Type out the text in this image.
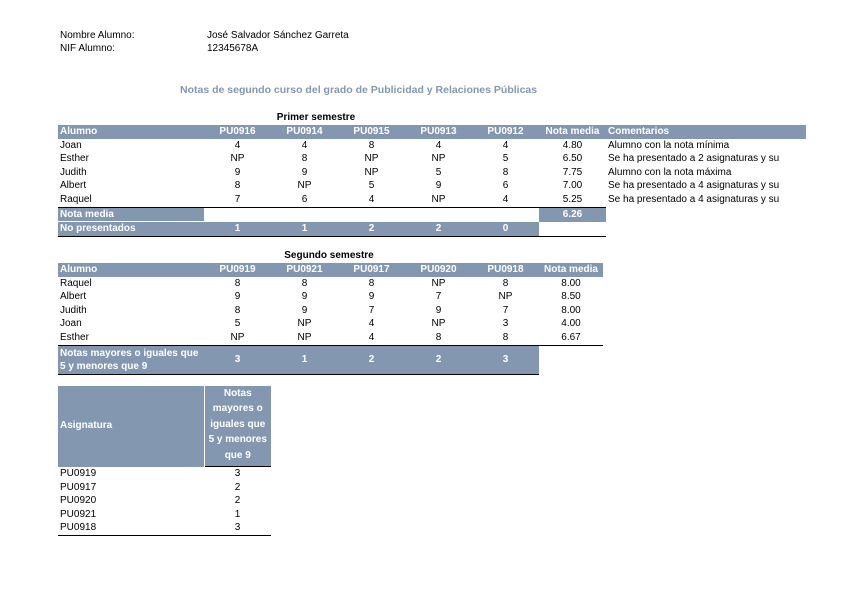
Nombre Alumno:	José Salvador Sánchez Garreta
NIF Alumno:	12345678A
Notas de segundo curso del grado de Publicidad y Relaciones Públicas
Primer semestre
Alumno	PU0916	PU0914	PU0915	PU0913	PU0912	Nota media	Comentarios
Joan	4	4	8	4	4	4.80	Alumno con la nota mínima
Esther	NP	8	NP	NP	5	6.50	Se ha presentado a 2 asignaturas y su
Judith	9	9	NP	5	8	7.75	Alumno con la nota máxima
Albert	8	NP	5	9	6	7.00	Se ha presentado a 4 asignaturas y su
Raquel	7	6	4	NP	4	5.25	Se ha presentado a 4 asignaturas y su
Nota media						6.26	
No presentados	1	1	2	2	0		
Segundo semestre
Alumno	PU0919	PU0921	PU0917	PU0920	PU0918	Nota media
Raquel	8	8	8	NP	8	8.00
Albert	9	9	9	7	NP	8.50
Judith	8	9	7	9	7	8.00
Joan	5	NP	4	NP	3	4.00
Esther	NP	NP	4	8	8	6.67
Notas mayores o iguales que 5 y menores que 9	3	1	2	2	3	
Asignatura	Notas mayores o iguales que 5 y menores que 9
PU0919	3
PU0917	2
PU0920	2
PU0921	1
PU0918	3
